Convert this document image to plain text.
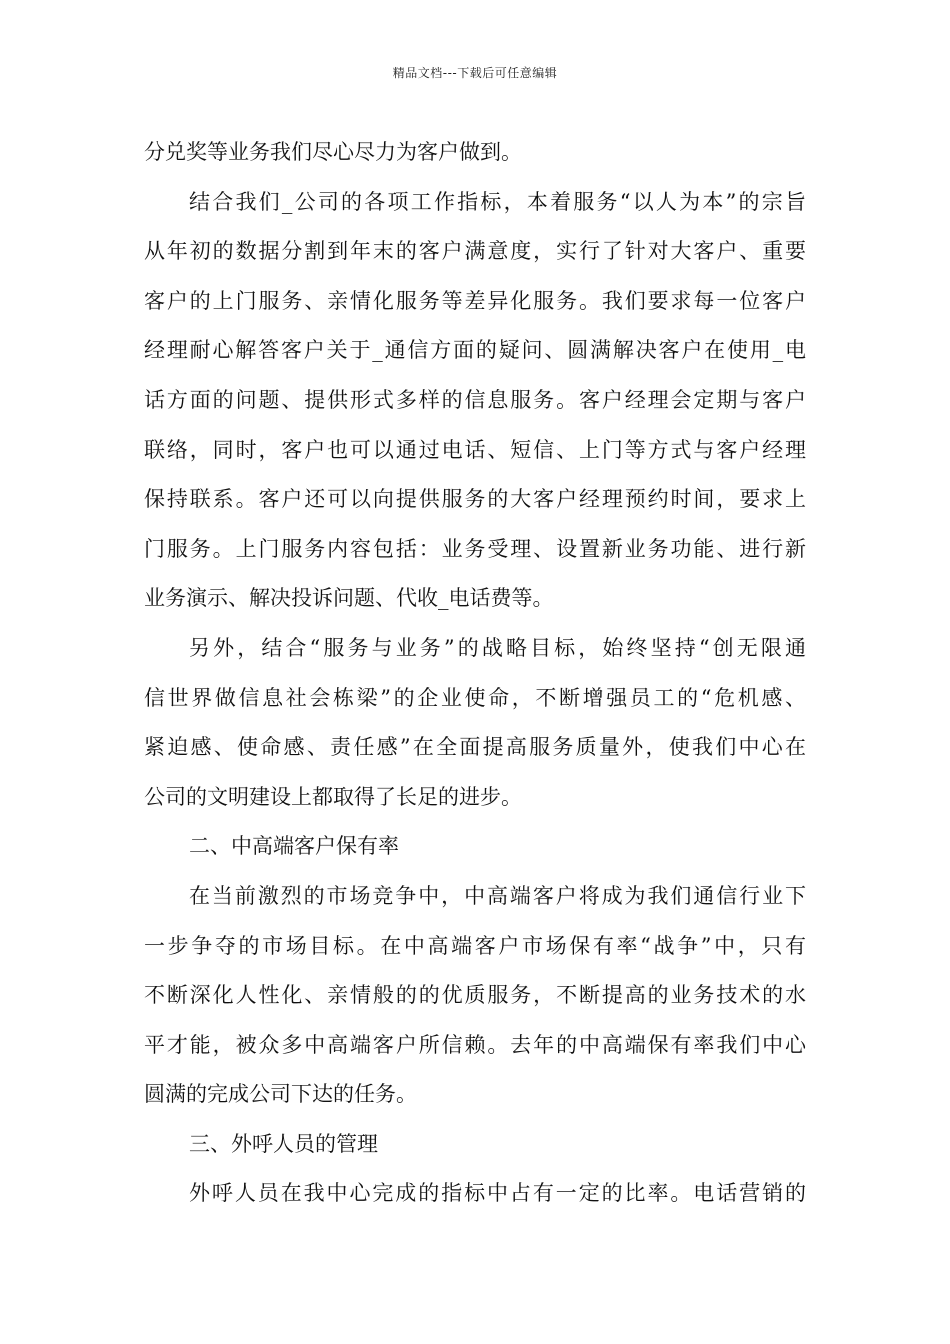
精品文档---下载后可任意编辑
分兑奖等业务我们尽心尽力为客户做到。
结合我们_公司的各项工作指标，本着服务“以人为本”的宗旨
从年初的数据分割到年末的客户满意度，实行了针对大客户、重要
客户的上门服务、亲情化服务等差异化服务。我们要求每一位客户
经理耐心解答客户关于_通信方面的疑问、圆满解决客户在使用_电
话方面的问题、提供形式多样的信息服务。客户经理会定期与客户
联络，同时，客户也可以通过电话、短信、上门等方式与客户经理
保持联系。客户还可以向提供服务的大客户经理预约时间，要求上
门服务。上门服务内容包括：业务受理、设置新业务功能、进行新
业务演示、解决投诉问题、代收_电话费等。
另外，结合“服务与业务”的战略目标，始终坚持“创无限通
信世界做信息社会栋梁”的企业使命，不断增强员工的“危机感、
紧迫感、使命感、责任感”在全面提高服务质量外，使我们中心在
公司的文明建设上都取得了长足的进步。
二、中高端客户保有率
在当前激烈的市场竞争中，中高端客户将成为我们通信行业下
一步争夺的市场目标。在中高端客户市场保有率“战争”中，只有
不断深化人性化、亲情般的的优质服务，不断提高的业务技术的水
平才能，被众多中高端客户所信赖。去年的中高端保有率我们中心
圆满的完成公司下达的任务。
三、外呼人员的管理
外呼人员在我中心完成的指标中占有一定的比率。电话营销的
